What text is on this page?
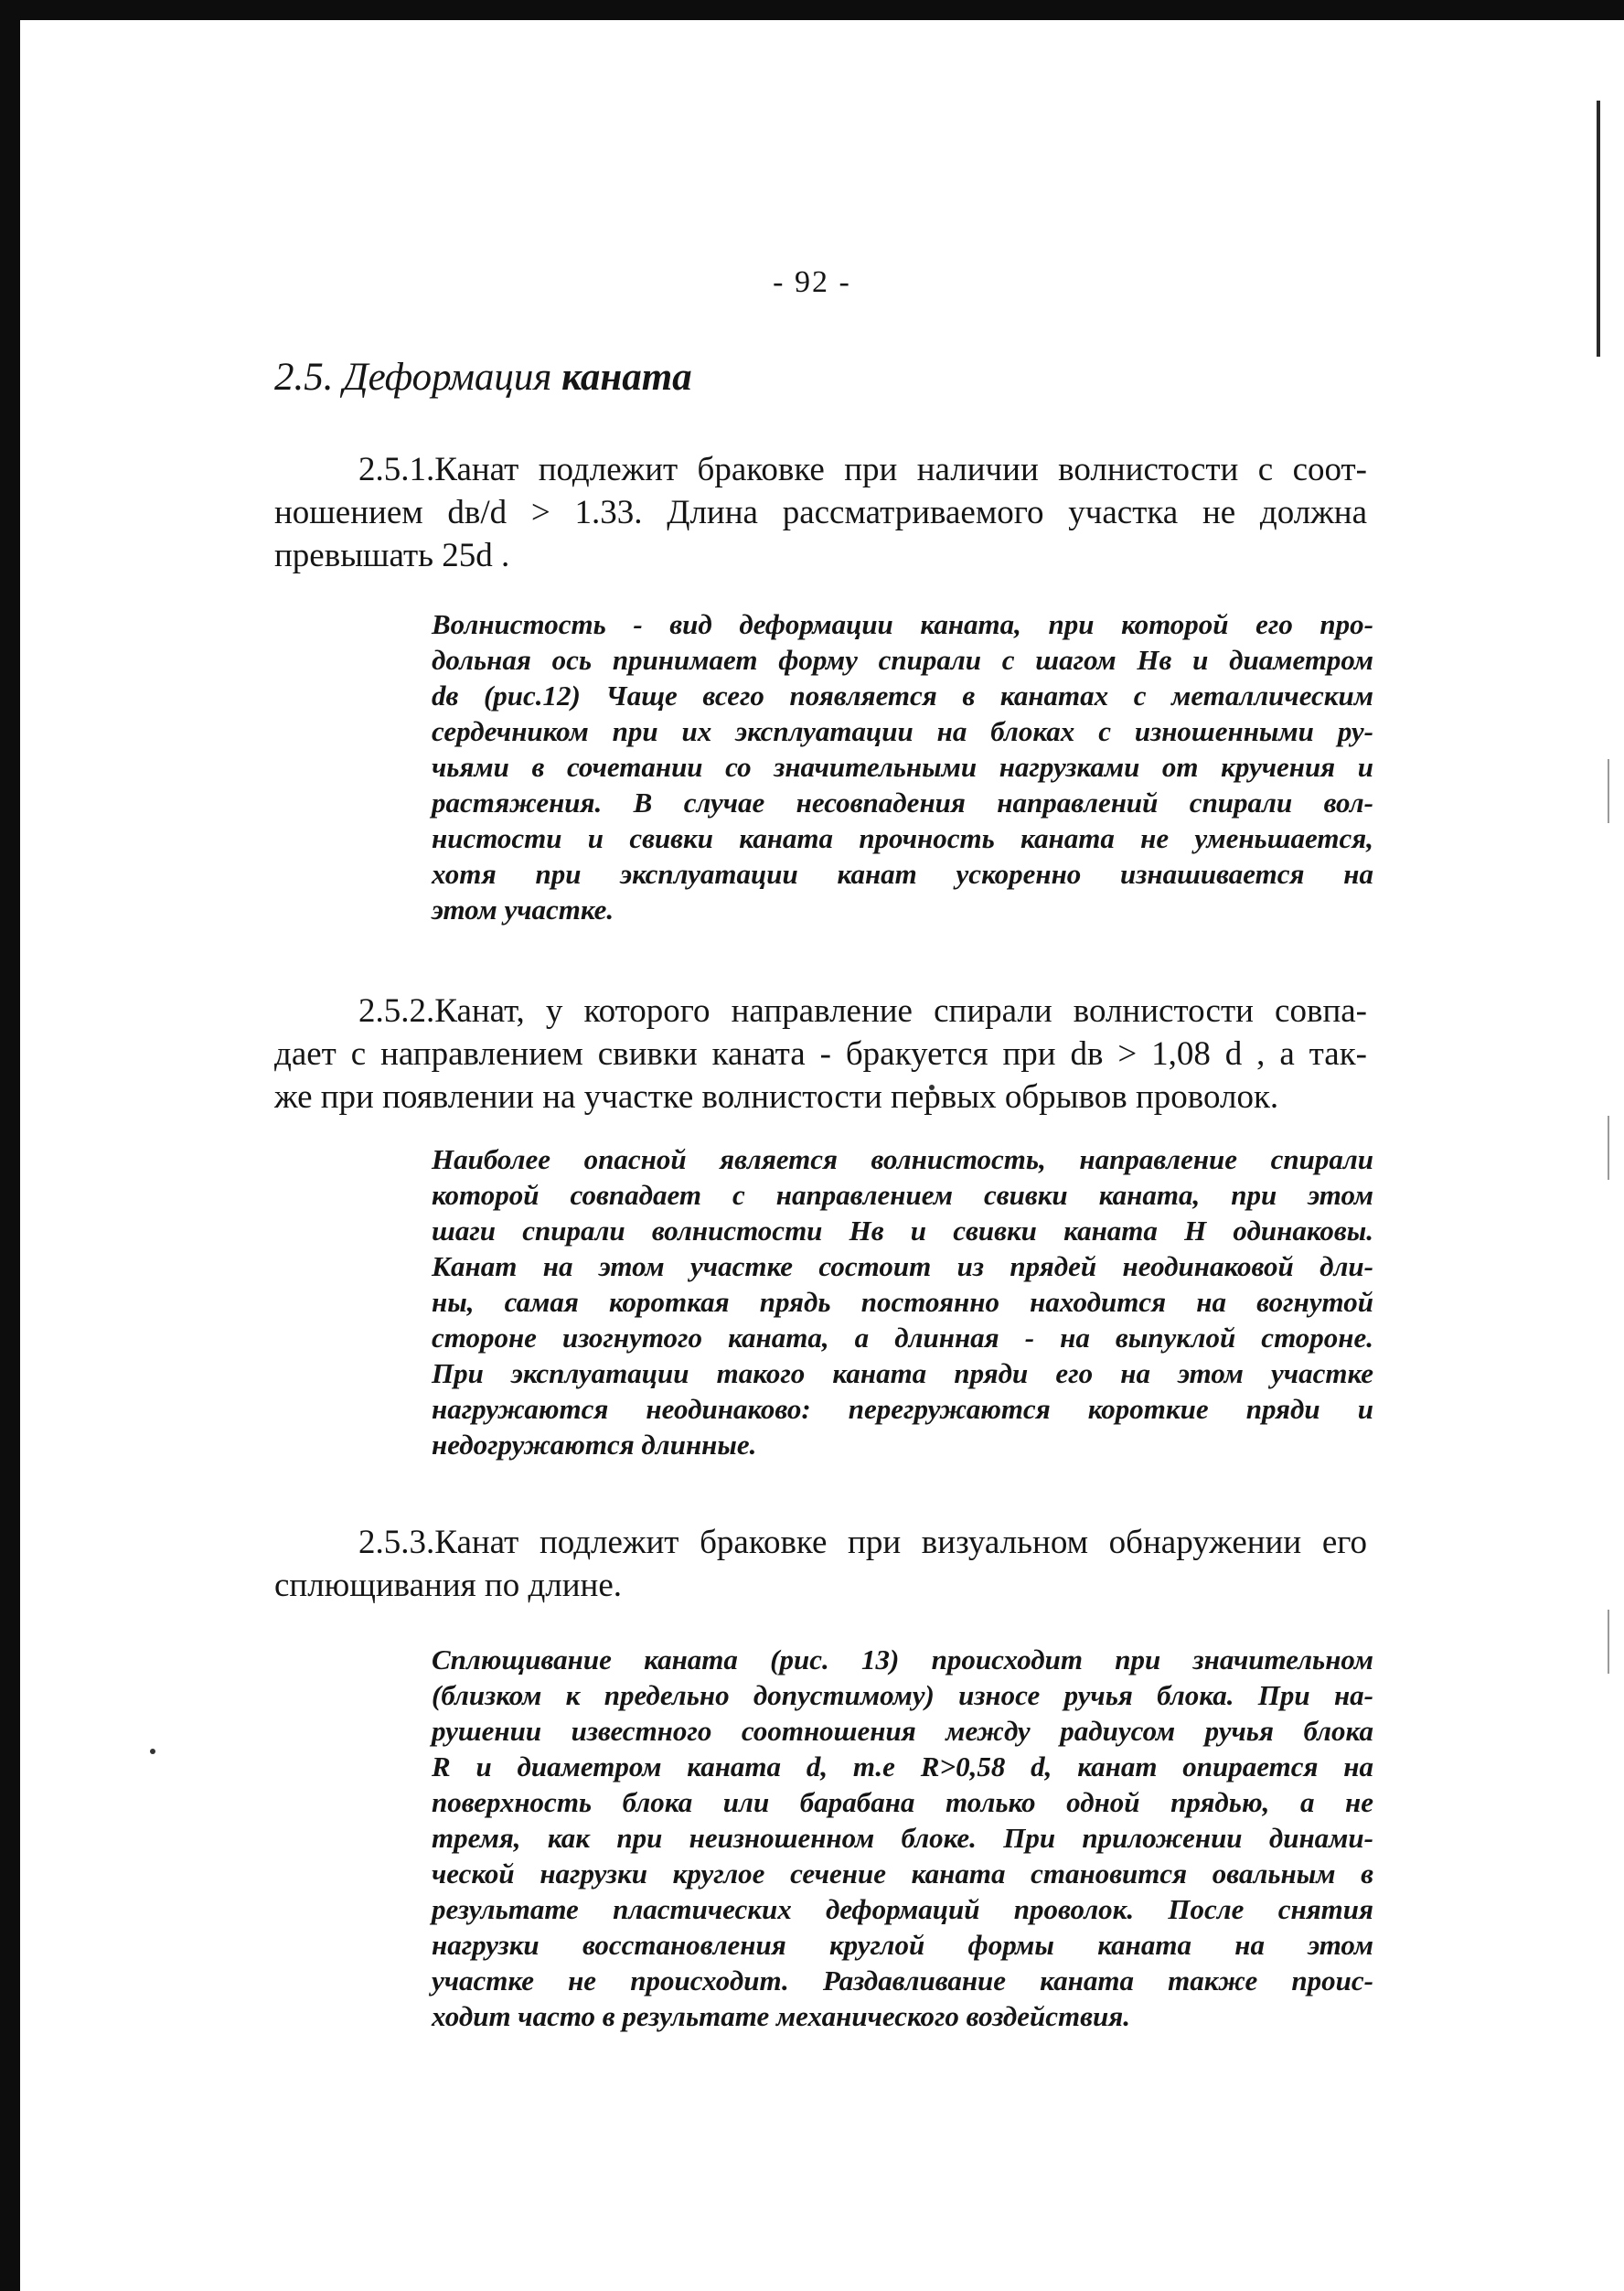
- 92 -
2.5. Деформация каната
2.5.1.Канат подлежит браковке при наличии волнистости с соот-
ношением dв/d > 1.33. Длина рассматриваемого участка не должна
превышать 25d .
Волнистость - вид деформации каната, при которой его про-
дольная ось принимает форму спирали с шагом Нв и диаметром
dв (рис.12) Чаще всего появляется в канатах с металлическим
сердечником при их эксплуатации на блоках с изношенными ру-
чьями в сочетании со значительными нагрузками от кручения и
растяжения. В случае несовпадения направлений спирали вол-
нистости и свивки каната прочность каната не уменьшается,
хотя при эксплуатации канат ускоренно изнашивается на
этом участке.
2.5.2.Канат, у которого направление спирали волнистости совпа-
дает с направлением свивки каната - бракуется при dв > 1,08 d , а так-
же при появлении на участке волнистости первых обрывов проволок.
Наиболее опасной является волнистость, направление спирали
которой совпадает с направлением свивки каната, при этом
шаги спирали волнистости Нв и свивки каната Н одинаковы.
Канат на этом участке состоит из прядей неодинаковой дли-
ны, самая короткая прядь постоянно находится на вогнутой
стороне изогнутого каната, а длинная - на выпуклой стороне.
При эксплуатации такого каната пряди его на этом участке
нагружаются неодинаково: перегружаются короткие пряди и
недогружаются длинные.
2.5.3.Канат подлежит браковке при визуальном обнаружении его
сплющивания по длине.
Сплющивание каната (рис. 13) происходит при значительном
(близком к предельно допустимому) износе ручья блока. При на-
рушении известного соотношения между радиусом ручья блока
R и диаметром каната d, т.е R>0,58 d, канат опирается на
поверхность блока или барабана только одной прядью, а не
тремя, как при неизношенном блоке. При приложении динами-
ческой нагрузки круглое сечение каната становится овальным в
результате пластических деформаций проволок. После снятия
нагрузки восстановления круглой формы каната на этом
участке не происходит. Раздавливание каната также проис-
ходит часто в результате механического воздействия.
